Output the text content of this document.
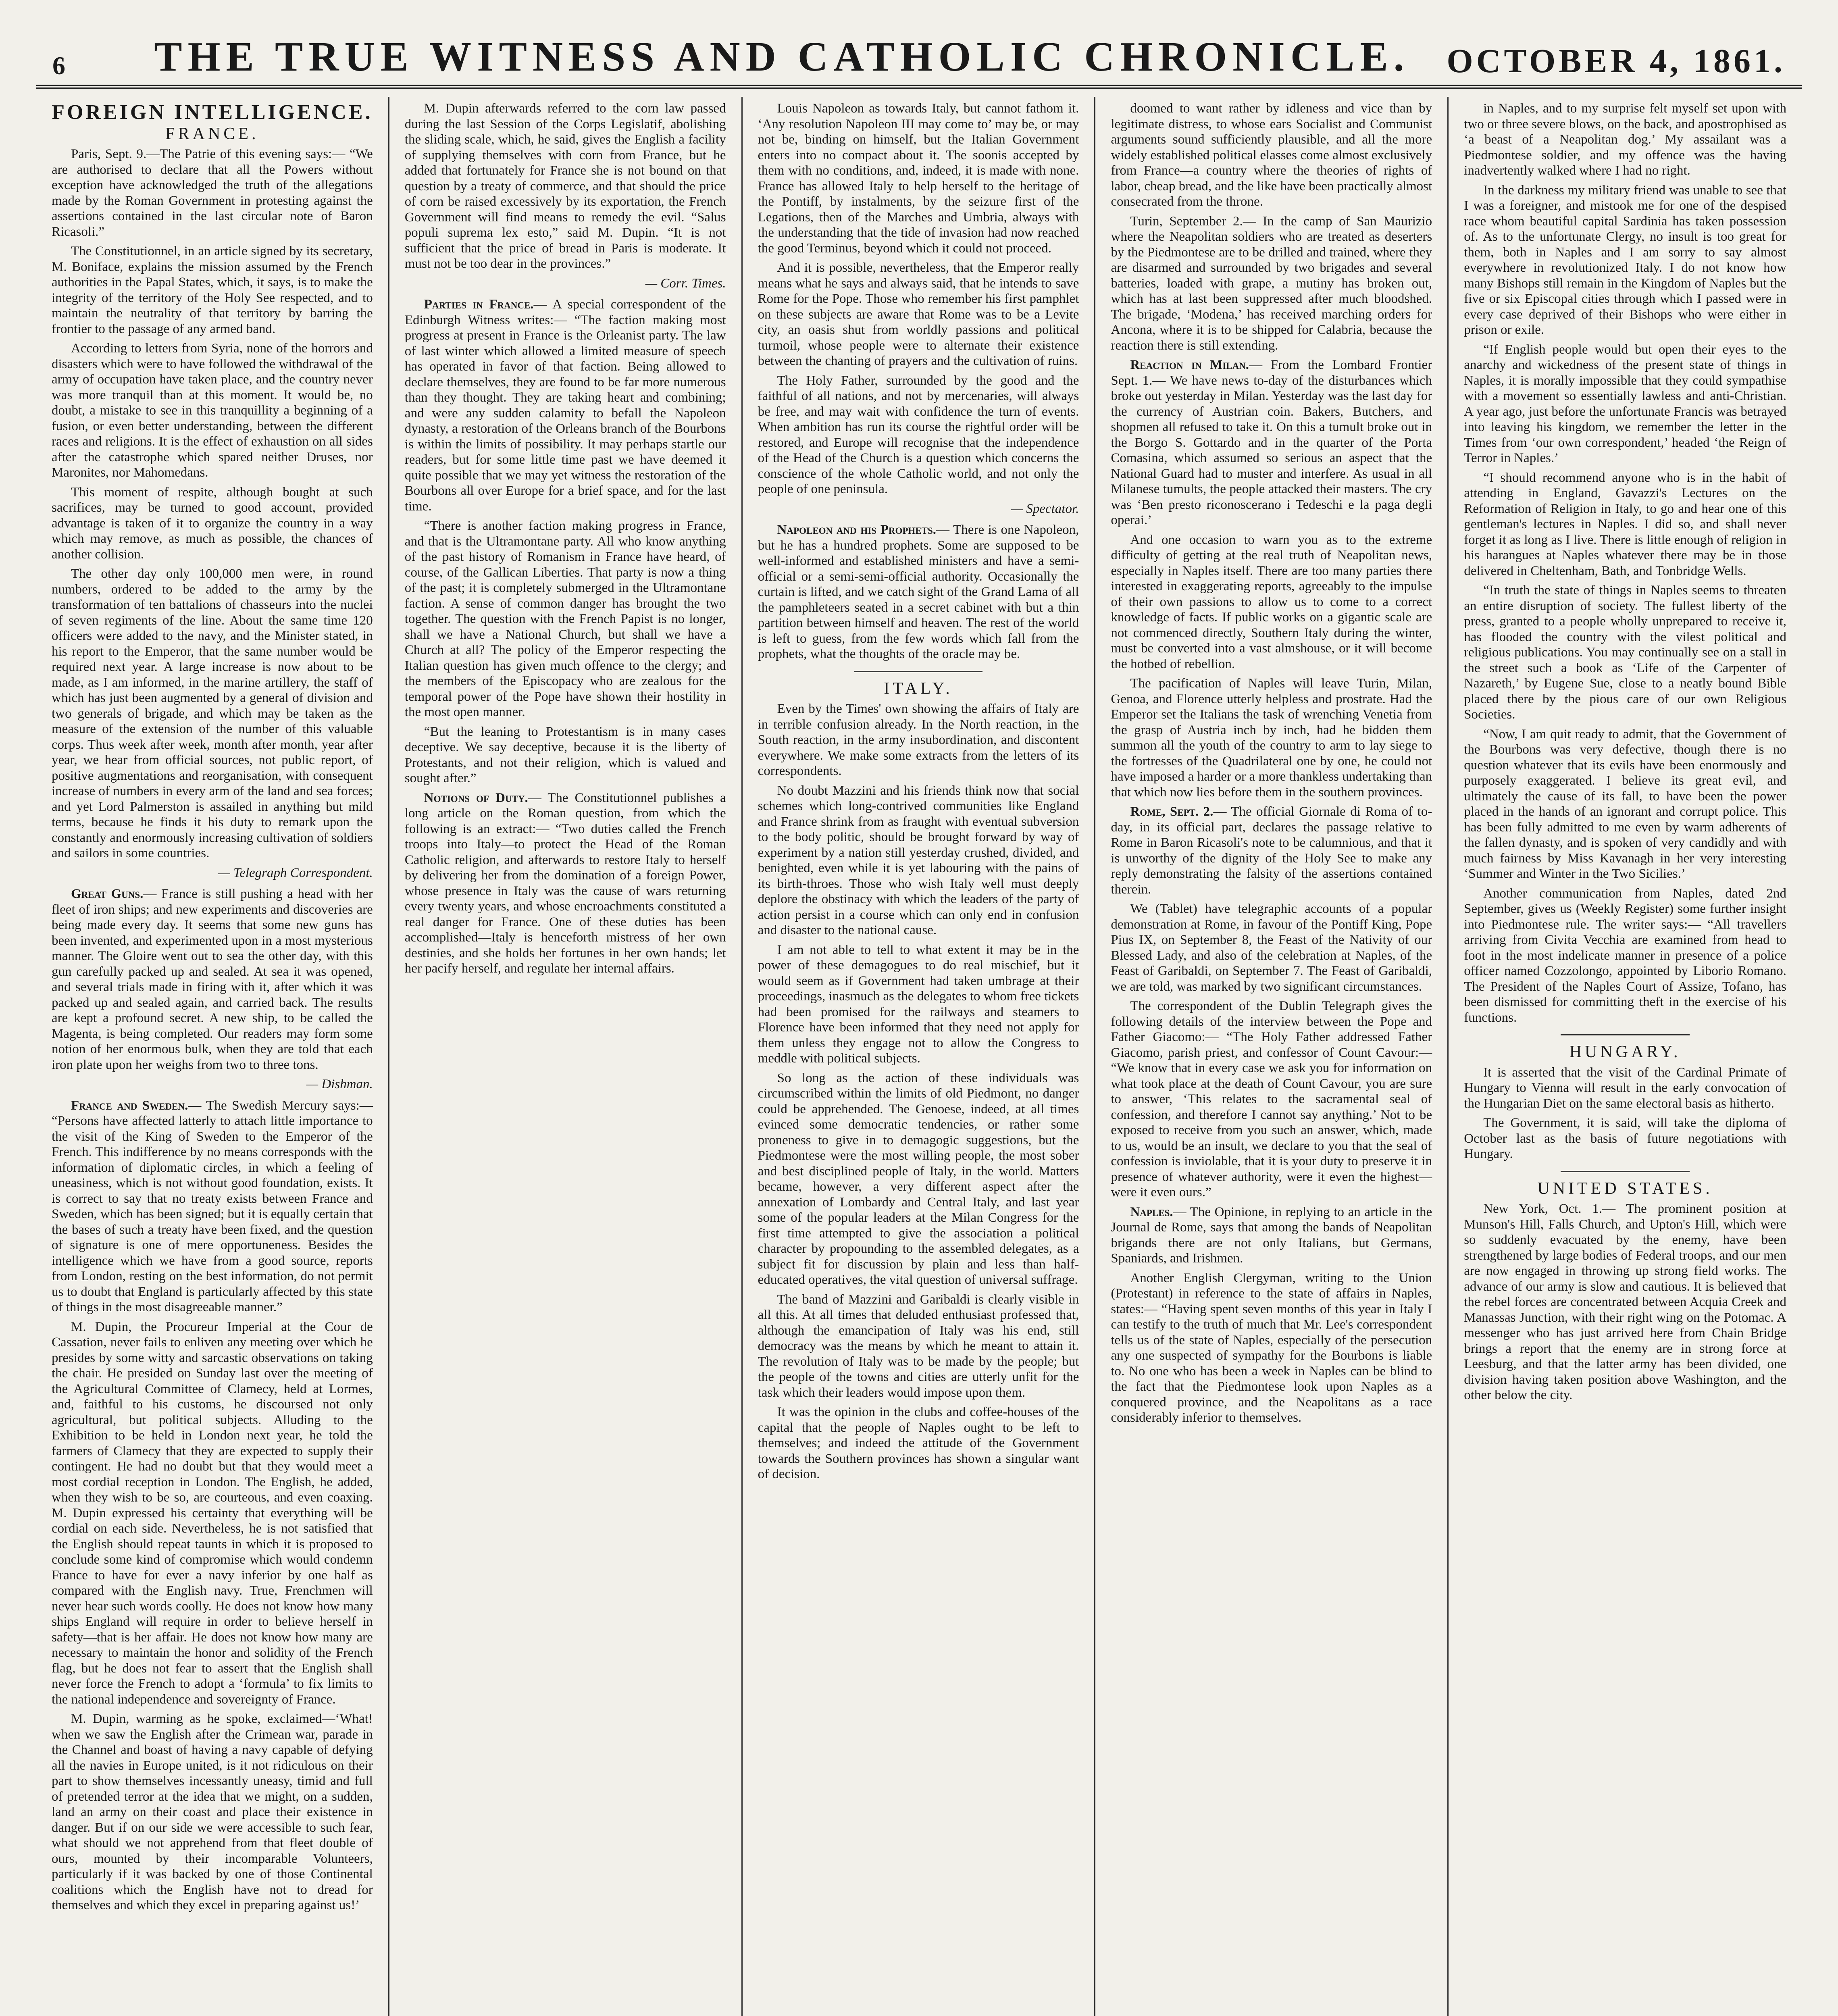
6	THE TRUE WITNESS AND CATHOLIC CHRONICLE.	OCTOBER 4, 1861.
FOREIGN INTELLIGENCE.
FRANCE.

Paris, Sept. 9.—The Patrie of this evening says:— “We are authorised to declare that all the Powers without exception have acknowledged the truth of the allegations made by the Roman Government in protesting against the assertions contained in the last circular note of Baron Ricasoli.”

The Constitutionnel, in an article signed by its secretary, M. Boniface, explains the mission assumed by the French authorities in the Papal States, which, it says, is to make the integrity of the territory of the Holy See respected, and to maintain the neutrality of that territory by barring the frontier to the passage of any armed band.

According to letters from Syria, none of the horrors and disasters which were to have followed the withdrawal of the army of occupation have taken place, and the country never was more tranquil than at this moment. It would be, no doubt, a mistake to see in this tranquillity a beginning of a fusion, or even better understanding, between the different races and religions. It is the effect of exhaustion on all sides after the catastrophe which spared neither Druses, nor Maronites, nor Mahomedans.

This moment of respite, although bought at such sacrifices, may be turned to good account, provided advantage is taken of it to organize the country in a way which may remove, as much as possible, the chances of another collision.

The other day only 100,000 men were, in round numbers, ordered to be added to the army by the transformation of ten battalions of chasseurs into the nuclei of seven regiments of the line. About the same time 120 officers were added to the navy, and the Minister stated, in his report to the Emperor, that the same number would be required next year. A large increase is now about to be made, as I am informed, in the marine artillery, the staff of which has just been augmented by a general of division and two generals of brigade, and which may be taken as the measure of the extension of the number of this valuable corps. Thus week after week, month after month, year after year, we hear from official sources, not public report, of positive augmentations and reorganisation, with consequent increase of numbers in every arm of the land and sea forces; and yet Lord Palmerston is assailed in anything but mild terms, because he finds it his duty to remark upon the constantly and enormously increasing cultivation of soldiers and sailors in some countries.

— Telegraph Correspondent.

Great Guns.— France is still pushing a head with her fleet of iron ships; and new experiments and discoveries are being made every day. It seems that some new guns has been invented, and experimented upon in a most mysterious manner. The Gloire went out to sea the other day, with this gun carefully packed up and sealed. At sea it was opened, and several trials made in firing with it, after which it was packed up and sealed again, and carried back. The results are kept a profound secret. A new ship, to be called the Magenta, is being completed. Our readers may form some notion of her enormous bulk, when they are told that each iron plate upon her weighs from two to three tons.

— Dishman.

France and Sweden.— The Swedish Mercury says:— “Persons have affected latterly to attach little importance to the visit of the King of Sweden to the Emperor of the French. This indifference by no means corresponds with the information of diplomatic circles, in which a feeling of uneasiness, which is not without good foundation, exists. It is correct to say that no treaty exists between France and Sweden, which has been signed; but it is equally certain that the bases of such a treaty have been fixed, and the question of signature is one of mere opportuneness. Besides the intelligence which we have from a good source, reports from London, resting on the best information, do not permit us to doubt that England is particularly affected by this state of things in the most disagreeable manner.”

M. Dupin, the Procureur Imperial at the Cour de Cassation, never fails to enliven any meeting over which he presides by some witty and sarcastic observations on taking the chair. He presided on Sunday last over the meeting of the Agricultural Committee of Clamecy, held at Lormes, and, faithful to his customs, he discoursed not only agricultural, but political subjects. Alluding to the Exhibition to be held in London next year, he told the farmers of Clamecy that they are expected to supply their contingent. He had no doubt but that they would meet a most cordial reception in London. The English, he added, when they wish to be so, are courteous, and even coaxing. M. Dupin expressed his certainty that everything will be cordial on each side. Nevertheless, he is not satisfied that the English should repeat taunts in which it is proposed to conclude some kind of compromise which would condemn France to have for ever a navy inferior by one half as compared with the English navy. True, Frenchmen will never hear such words coolly. He does not know how many ships England will require in order to believe herself in safety—that is her affair. He does not know how many are necessary to maintain the honor and solidity of the French flag, but he does not fear to assert that the English shall never force the French to adopt a ‘formula’ to fix limits to the national independence and sovereignty of France.

M. Dupin, warming as he spoke, exclaimed—‘What! when we saw the English after the Crimean war, parade in the Channel and boast of having a navy capable of defying all the navies in Europe united, is it not ridiculous on their part to show themselves incessantly uneasy, timid and full of pretended terror at the idea that we might, on a sudden, land an army on their coast and place their existence in danger. But if on our side we were accessible to such fear, what should we not apprehend from that fleet double of ours, mounted by their incomparable Volunteers, particularly if it was backed by one of those Continental coalitions which the English have not to dread for themselves and which they excel in preparing against us!’

M. Dupin afterwards referred to the corn law passed during the last Session of the Corps Legislatif, abolishing the sliding scale, which, he said, gives the English a facility of supplying themselves with corn from France, but he added that fortunately for France she is not bound on that question by a treaty of commerce, and that should the price of corn be raised excessively by its exportation, the French Government will find means to remedy the evil. “Salus populi suprema lex esto,” said M. Dupin. “It is not sufficient that the price of bread in Paris is moderate. It must not be too dear in the provinces.”

— Corr. Times.

Parties in France.— A special correspondent of the Edinburgh Witness writes:— “The faction making most progress at present in France is the Orleanist party. The law of last winter which allowed a limited measure of speech has operated in favor of that faction. Being allowed to declare themselves, they are found to be far more numerous than they thought. They are taking heart and combining; and were any sudden calamity to befall the Napoleon dynasty, a restoration of the Orleans branch of the Bourbons is within the limits of possibility. It may perhaps startle our readers, but for some little time past we have deemed it quite possible that we may yet witness the restoration of the Bourbons all over Europe for a brief space, and for the last time.

“There is another faction making progress in France, and that is the Ultramontane party. All who know anything of the past history of Romanism in France have heard, of course, of the Gallican Liberties. That party is now a thing of the past; it is completely submerged in the Ultramontane faction. A sense of common danger has brought the two together. The question with the French Papist is no longer, shall we have a National Church, but shall we have a Church at all? The policy of the Emperor respecting the Italian question has given much offence to the clergy; and the members of the Episcopacy who are zealous for the temporal power of the Pope have shown their hostility in the most open manner.

“But the leaning to Protestantism is in many cases deceptive. We say deceptive, because it is the liberty of Protestants, and not their religion, which is valued and sought after.”

Notions of Duty.— The Constitutionnel publishes a long article on the Roman question, from which the following is an extract:— “Two duties called the French troops into Italy—to protect the Head of the Roman Catholic religion, and afterwards to restore Italy to herself by delivering her from the domination of a foreign Power, whose presence in Italy was the cause of wars returning every twenty years, and whose encroachments constituted a real danger for France. One of these duties has been accomplished—Italy is henceforth mistress of her own destinies, and she holds her fortunes in her own hands; let her pacify herself, and regulate her internal affairs.

Louis Napoleon as towards Italy, but cannot fathom it. ‘Any resolution Napoleon III may come to’ may be, or may not be, binding on himself, but the Italian Government enters into no compact about it. The soonis accepted by them with no conditions, and, indeed, it is made with none. France has allowed Italy to help herself to the heritage of the Pontiff, by instalments, by the seizure first of the Legations, then of the Marches and Umbria, always with the understanding that the tide of invasion had now reached the good Terminus, beyond which it could not proceed.

And it is possible, nevertheless, that the Emperor really means what he says and always said, that he intends to save Rome for the Pope. Those who remember his first pamphlet on these subjects are aware that Rome was to be a Levite city, an oasis shut from worldly passions and political turmoil, whose people were to alternate their existence between the chanting of prayers and the cultivation of ruins.

The Holy Father, surrounded by the good and the faithful of all nations, and not by mercenaries, will always be free, and may wait with confidence the turn of events. When ambition has run its course the rightful order will be restored, and Europe will recognise that the independence of the Head of the Church is a question which concerns the conscience of the whole Catholic world, and not only the people of one peninsula.

— Spectator.

Napoleon and his Prophets.— There is one Napoleon, but he has a hundred prophets. Some are supposed to be well-informed and established ministers and have a semi-official or a semi-semi-official authority. Occasionally the curtain is lifted, and we catch sight of the Grand Lama of all the pamphleteers seated in a secret cabinet with but a thin partition between himself and heaven. The rest of the world is left to guess, from the few words which fall from the prophets, what the thoughts of the oracle may be.

ITALY.

Even by the Times' own showing the affairs of Italy are in terrible confusion already. In the North reaction, in the South reaction, in the army insubordination, and discontent everywhere. We make some extracts from the letters of its correspondents.

No doubt Mazzini and his friends think now that social schemes which long-contrived communities like England and France shrink from as fraught with eventual subversion to the body politic, should be brought forward by way of experiment by a nation still yesterday crushed, divided, and benighted, even while it is yet labouring with the pains of its birth-throes. Those who wish Italy well must deeply deplore the obstinacy with which the leaders of the party of action persist in a course which can only end in confusion and disaster to the national cause.

I am not able to tell to what extent it may be in the power of these demagogues to do real mischief, but it would seem as if Government had taken umbrage at their proceedings, inasmuch as the delegates to whom free tickets had been promised for the railways and steamers to Florence have been informed that they need not apply for them unless they engage not to allow the Congress to meddle with political subjects.

So long as the action of these individuals was circumscribed within the limits of old Piedmont, no danger could be apprehended. The Genoese, indeed, at all times evinced some democratic tendencies, or rather some proneness to give in to demagogic suggestions, but the Piedmontese were the most willing people, the most sober and best disciplined people of Italy, in the world. Matters became, however, a very different aspect after the annexation of Lombardy and Central Italy, and last year some of the popular leaders at the Milan Congress for the first time attempted to give the association a political character by propounding to the assembled delegates, as a subject fit for discussion by plain and less than half-educated operatives, the vital question of universal suffrage.

The band of Mazzini and Garibaldi is clearly visible in all this. At all times that deluded enthusiast professed that, although the emancipation of Italy was his end, still democracy was the means by which he meant to attain it. The revolution of Italy was to be made by the people; but the people of the towns and cities are utterly unfit for the task which their leaders would impose upon them.

It was the opinion in the clubs and coffee-houses of the capital that the people of Naples ought to be left to themselves; and indeed the attitude of the Government towards the Southern provinces has shown a singular want of decision.

doomed to want rather by idleness and vice than by legitimate distress, to whose ears Socialist and Communist arguments sound sufficiently plausible, and all the more widely established political elasses come almost exclusively from France—a country where the theories of rights of labor, cheap bread, and the like have been practically almost consecrated from the throne.

Turin, September 2.— In the camp of San Maurizio where the Neapolitan soldiers who are treated as deserters by the Piedmontese are to be drilled and trained, where they are disarmed and surrounded by two brigades and several batteries, loaded with grape, a mutiny has broken out, which has at last been suppressed after much bloodshed. The brigade, ‘Modena,’ has received marching orders for Ancona, where it is to be shipped for Calabria, because the reaction there is still extending.

Reaction in Milan.— From the Lombard Frontier Sept. 1.— We have news to-day of the disturbances which broke out yesterday in Milan. Yesterday was the last day for the currency of Austrian coin. Bakers, Butchers, and shopmen all refused to take it. On this a tumult broke out in the Borgo S. Gottardo and in the quarter of the Porta Comasina, which assumed so serious an aspect that the National Guard had to muster and interfere. As usual in all Milanese tumults, the people attacked their masters. The cry was ‘Ben presto riconoscerano i Tedeschi e la paga degli operai.’

And one occasion to warn you as to the extreme difficulty of getting at the real truth of Neapolitan news, especially in Naples itself. There are too many parties there interested in exaggerating reports, agreeably to the impulse of their own passions to allow us to come to a correct knowledge of facts. If public works on a gigantic scale are not commenced directly, Southern Italy during the winter, must be converted into a vast almshouse, or it will become the hotbed of rebellion.

The pacification of Naples will leave Turin, Milan, Genoa, and Florence utterly helpless and prostrate. Had the Emperor set the Italians the task of wrenching Venetia from the grasp of Austria inch by inch, had he bidden them summon all the youth of the country to arm to lay siege to the fortresses of the Quadrilateral one by one, he could not have imposed a harder or a more thankless undertaking than that which now lies before them in the southern provinces.

Rome, Sept. 2.— The official Giornale di Roma of to-day, in its official part, declares the passage relative to Rome in Baron Ricasoli's note to be calumnious, and that it is unworthy of the dignity of the Holy See to make any reply demonstrating the falsity of the assertions contained therein.

We (Tablet) have telegraphic accounts of a popular demonstration at Rome, in favour of the Pontiff King, Pope Pius IX, on September 8, the Feast of the Nativity of our Blessed Lady, and also of the celebration at Naples, of the Feast of Garibaldi, on September 7. The Feast of Garibaldi, we are told, was marked by two significant circumstances.

The correspondent of the Dublin Telegraph gives the following details of the interview between the Pope and Father Giacomo:— “The Holy Father addressed Father Giacomo, parish priest, and confessor of Count Cavour:— “We know that in every case we ask you for information on what took place at the death of Count Cavour, you are sure to answer, ‘This relates to the sacramental seal of confession, and therefore I cannot say anything.’ Not to be exposed to receive from you such an answer, which, made to us, would be an insult, we declare to you that the seal of confession is inviolable, that it is your duty to preserve it in presence of whatever authority, were it even the highest—were it even ours.”

Naples.— The Opinione, in replying to an article in the Journal de Rome, says that among the bands of Neapolitan brigands there are not only Italians, but Germans, Spaniards, and Irishmen.

Another English Clergyman, writing to the Union (Protestant) in reference to the state of affairs in Naples, states:— “Having spent seven months of this year in Italy I can testify to the truth of much that Mr. Lee's correspondent tells us of the state of Naples, especially of the persecution any one suspected of sympathy for the Bourbons is liable to. No one who has been a week in Naples can be blind to the fact that the Piedmontese look upon Naples as a conquered province, and the Neapolitans as a race considerably inferior to themselves.

in Naples, and to my surprise felt myself set upon with two or three severe blows, on the back, and apostrophised as ‘a beast of a Neapolitan dog.’ My assailant was a Piedmontese soldier, and my offence was the having inadvertently walked where I had no right.

In the darkness my military friend was unable to see that I was a foreigner, and mistook me for one of the despised race whom beautiful capital Sardinia has taken possession of. As to the unfortunate Clergy, no insult is too great for them, both in Naples and I am sorry to say almost everywhere in revolutionized Italy. I do not know how many Bishops still remain in the Kingdom of Naples but the five or six Episcopal cities through which I passed were in every case deprived of their Bishops who were either in prison or exile.

“If English people would but open their eyes to the anarchy and wickedness of the present state of things in Naples, it is morally impossible that they could sympathise with a movement so essentially lawless and anti-Christian. A year ago, just before the unfortunate Francis was betrayed into leaving his kingdom, we remember the letter in the Times from ‘our own correspondent,’ headed ‘the Reign of Terror in Naples.’

“I should recommend anyone who is in the habit of attending in England, Gavazzi's Lectures on the Reformation of Religion in Italy, to go and hear one of this gentleman's lectures in Naples. I did so, and shall never forget it as long as I live. There is little enough of religion in his harangues at Naples whatever there may be in those delivered in Cheltenham, Bath, and Tonbridge Wells.

“In truth the state of things in Naples seems to threaten an entire disruption of society. The fullest liberty of the press, granted to a people wholly unprepared to receive it, has flooded the country with the vilest political and religious publications. You may continually see on a stall in the street such a book as ‘Life of the Carpenter of Nazareth,’ by Eugene Sue, close to a neatly bound Bible placed there by the pious care of our own Religious Societies.

“Now, I am quit ready to admit, that the Government of the Bourbons was very defective, though there is no question whatever that its evils have been enormously and purposely exaggerated. I believe its great evil, and ultimately the cause of its fall, to have been the power placed in the hands of an ignorant and corrupt police. This has been fully admitted to me even by warm adherents of the fallen dynasty, and is spoken of very candidly and with much fairness by Miss Kavanagh in her very interesting ‘Summer and Winter in the Two Sicilies.’

Another communication from Naples, dated 2nd September, gives us (Weekly Register) some further insight into Piedmontese rule. The writer says:— “All travellers arriving from Civita Vecchia are examined from head to foot in the most indelicate manner in presence of a police officer named Cozzolongo, appointed by Liborio Romano. The President of the Naples Court of Assize, Tofano, has been dismissed for committing theft in the exercise of his functions.

HUNGARY.

It is asserted that the visit of the Cardinal Primate of Hungary to Vienna will result in the early convocation of the Hungarian Diet on the same electoral basis as hitherto.

The Government, it is said, will take the diploma of October last as the basis of future negotiations with Hungary.

UNITED STATES.

New York, Oct. 1.— The prominent position at Munson's Hill, Falls Church, and Upton's Hill, which were so suddenly evacuated by the enemy, have been strengthened by large bodies of Federal troops, and our men are now engaged in throwing up strong field works. The advance of our army is slow and cautious. It is believed that the rebel forces are concentrated between Acquia Creek and Manassas Junction, with their right wing on the Potomac. A messenger who has just arrived here from Chain Bridge brings a report that the enemy are in strong force at Leesburg, and that the latter army has been divided, one division having taken position above Washington, and the other below the city.
